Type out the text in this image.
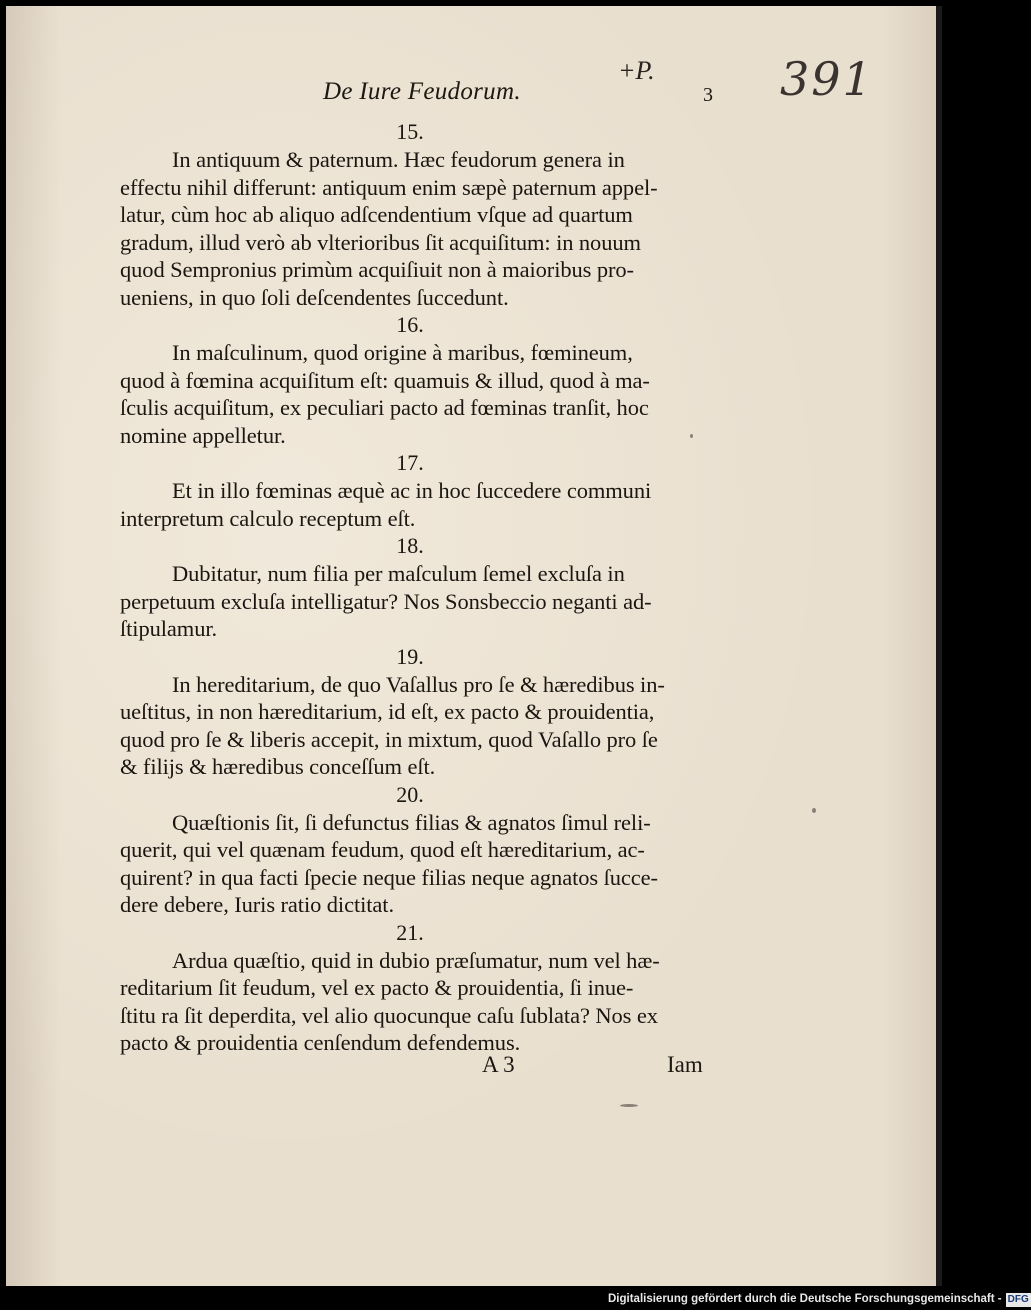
De Iure Feudorum.	3
+P.	391
15.

In antiquum & paternum. Hæc feudorum genera in

effectu nihil differunt: antiquum enim sæpè paternum appel-

latur, cùm hoc ab aliquo adſcendentium vſque ad quartum

gradum, illud verò ab vlterioribus ſit acquiſitum: in nouum

quod Sempronius primùm acquiſiuit non à maioribus pro-

ueniens, in quo ſoli deſcendentes ſuccedunt.

16.

In maſculinum, quod origine à maribus, fœmineum,

quod à fœmina acquiſitum eſt: quamuis & illud, quod à ma-

ſculis acquiſitum, ex peculiari pacto ad fœminas tranſit, hoc

nomine appelletur.

17.

Et in illo fœminas æquè ac in hoc ſuccedere communi

interpretum calculo receptum eſt.

18.

Dubitatur, num filia per maſculum ſemel excluſa in

perpetuum excluſa intelligatur? Nos Sonsbeccio neganti ad-

ſtipulamur.

19.

In hereditarium, de quo Vaſallus pro ſe & hæredibus in-

ueſtitus, in non hæreditarium, id eſt, ex pacto & prouidentia,

quod pro ſe & liberis accepit, in mixtum, quod Vaſallo pro ſe

& filijs & hæredibus conceſſum eſt.

20.

Quæſtionis ſit, ſi defunctus filias & agnatos ſimul reli-

querit, qui vel quænam feudum, quod eſt hæreditarium, ac-

quirent? in qua facti ſpecie neque filias neque agnatos ſucce-

dere debere, Iuris ratio dictitat.

21.

Ardua quæſtio, quid in dubio præſumatur, num vel hæ-

reditarium ſit feudum, vel ex pacto & prouidentia, ſi inue-

ſtitu ra ſit deperdita, vel alio quocunque caſu ſublata? Nos ex

pacto & prouidentia cenſendum defendemus.

A 3	Iam
Digitalisierung gefördert durch die Deutsche Forschungsgemeinschaft - DFG
